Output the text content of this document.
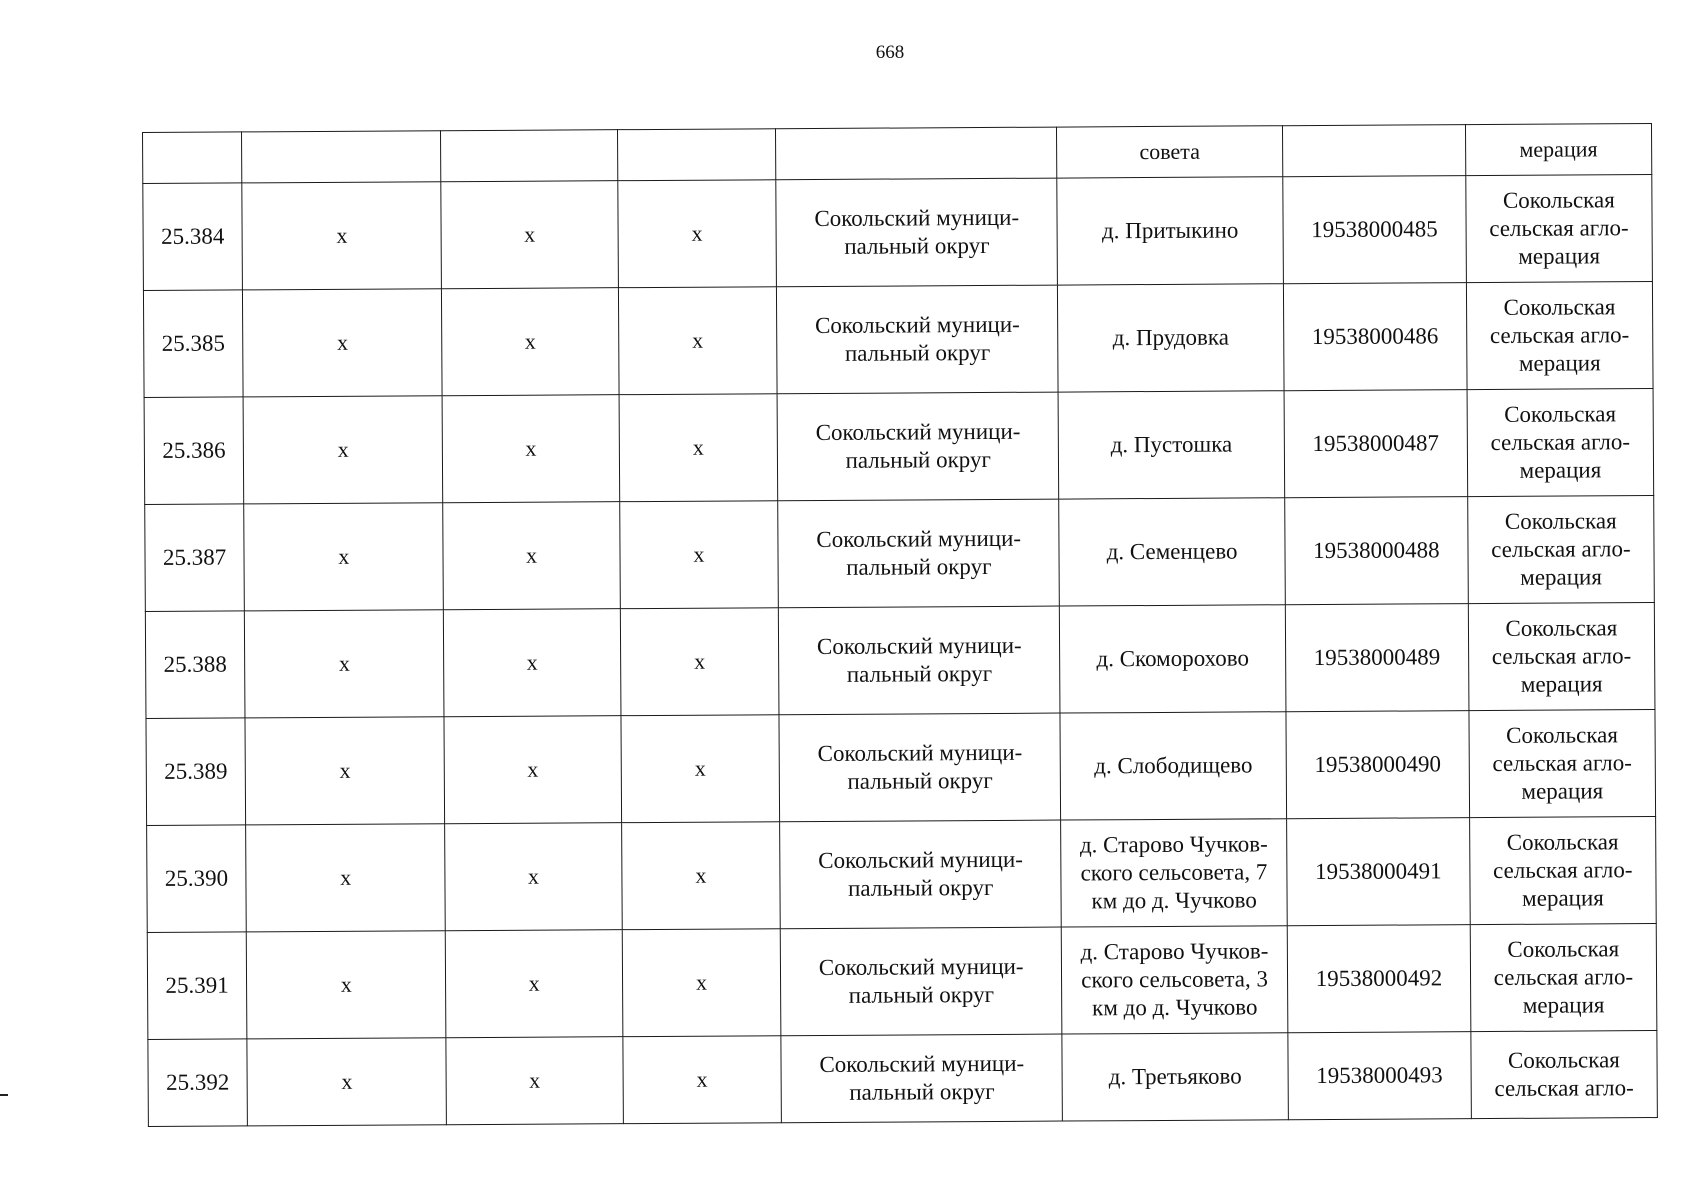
668
					совета		мерация
25.384	х	х	х	Сокольский муници-пальный округ	д. Притыкино	19538000485	Сокольская сельская агло-мерация
25.385	х	х	х	Сокольский муници-пальный округ	д. Прудовка	19538000486	Сокольская сельская агло-мерация
25.386	х	х	х	Сокольский муници-пальный округ	д. Пустошка	19538000487	Сокольская сельская агло-мерация
25.387	х	х	х	Сокольский муници-пальный округ	д. Семенцево	19538000488	Сокольская сельская агло-мерация
25.388	х	х	х	Сокольский муници-пальный округ	д. Скоморохово	19538000489	Сокольская сельская агло-мерация
25.389	х	х	х	Сокольский муници-пальный округ	д. Слободищево	19538000490	Сокольская сельская агло-мерация
25.390	х	х	х	Сокольский муници-пальный округ	д. Старово Чучков-ского сельсовета, 7 км до д. Чучково	19538000491	Сокольская сельская агло-мерация
25.391	х	х	х	Сокольский муници-пальный округ	д. Старово Чучков-ского сельсовета, 3 км до д. Чучково	19538000492	Сокольская сельская агло-мерация
25.392	х	х	х	Сокольский муници-пальный округ	д. Третьяково	19538000493	Сокольская сельская агло-
